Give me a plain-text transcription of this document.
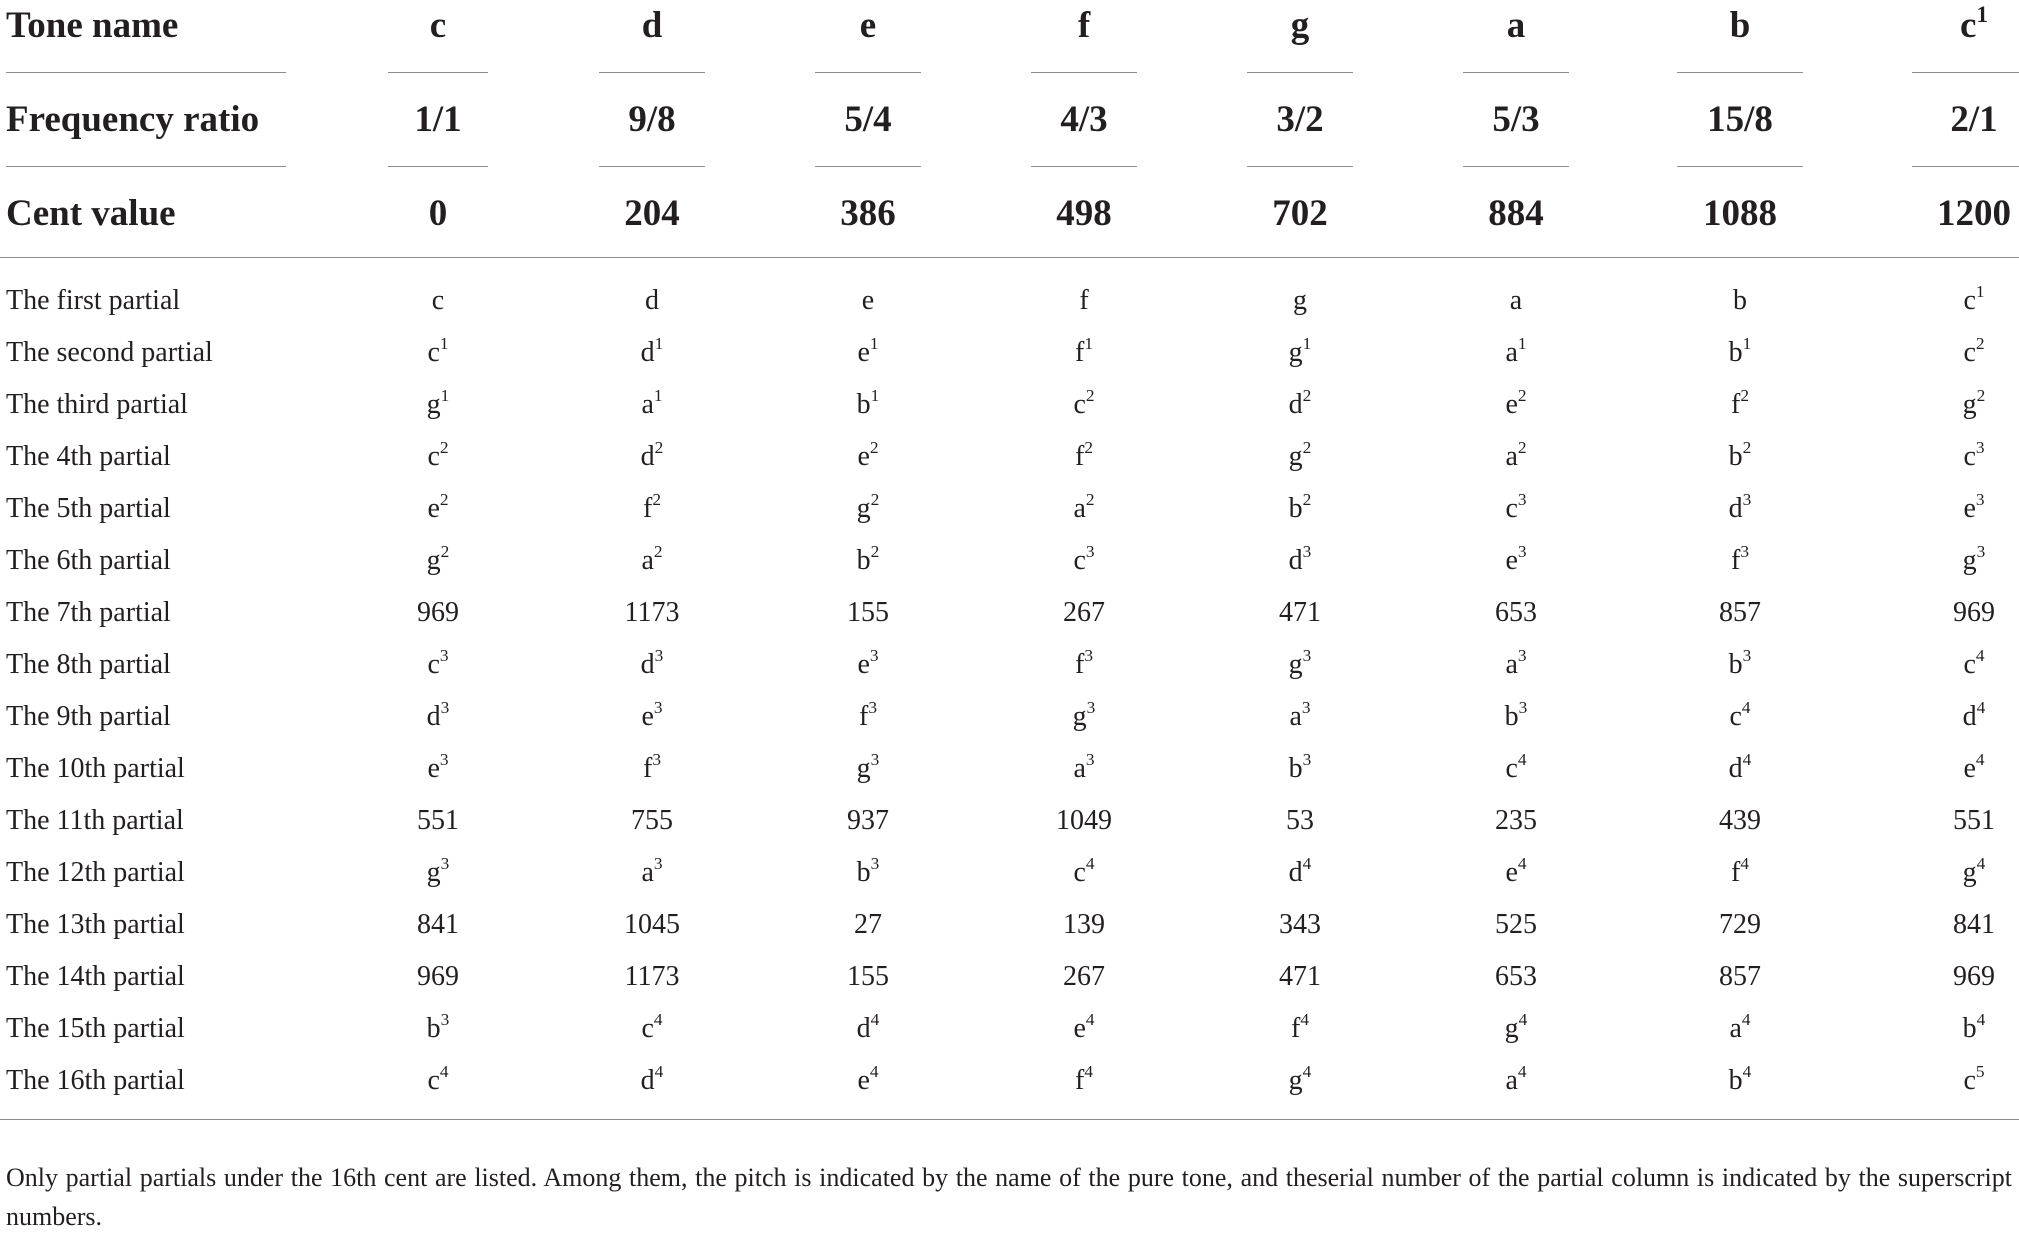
Tone name	c	d	e	f	g	a	b	$c^1$
Frequency ratio	1/1	9/8	5/4	4/3	3/2	5/3	15/8	2/1
Cent value	0	204	386	498	702	884	1088	1200
The first partial	c	d	e	f	g	a	b	$c^1$
The second partial	$c^1$	$d^1$	$e^1$	$f^1$	$g^1$	$a^1$	$b^1$	$c^2$
The third partial	$g^1$	$a^1$	$b^1$	$c^2$	$d^2$	$e^2$	$f^2$	$g^2$
The 4th partial	$c^2$	$d^2$	$e^2$	$f^2$	$g^2$	$a^2$	$b^2$	$c^3$
The 5th partial	$e^2$	$f^2$	$g^2$	$a^2$	$b^2$	$c^3$	$d^3$	$e^3$
The 6th partial	$g^2$	$a^2$	$b^2$	$c^3$	$d^3$	$e^3$	$f^3$	$g^3$
The 7th partial	969	1173	155	267	471	653	857	969
The 8th partial	$c^3$	$d^3$	$e^3$	$f^3$	$g^3$	$a^3$	$b^3$	$c^4$
The 9th partial	$d^3$	$e^3$	$f^3$	$g^3$	$a^3$	$b^3$	$c^4$	$d^4$
The 10th partial	$e^3$	$f^3$	$g^3$	$a^3$	$b^3$	$c^4$	$d^4$	$e^4$
The 11th partial	551	755	937	1049	53	235	439	551
The 12th partial	$g^3$	$a^3$	$b^3$	$c^4$	$d^4$	$e^4$	$f^4$	$g^4$
The 13th partial	841	1045	27	139	343	525	729	841
The 14th partial	969	1173	155	267	471	653	857	969
The 15th partial	$b^3$	$c^4$	$d^4$	$e^4$	$f^4$	$g^4$	$a^4$	$b^4$
The 16th partial	$c^4$	$d^4$	$e^4$	$f^4$	$g^4$	$a^4$	$b^4$	$c^5$

Only partial partials under the 16th cent are listed. Among them, the pitch is indicated by the name of the pure tone, and theserial number of the partial column is indicated by the superscript numbers.
